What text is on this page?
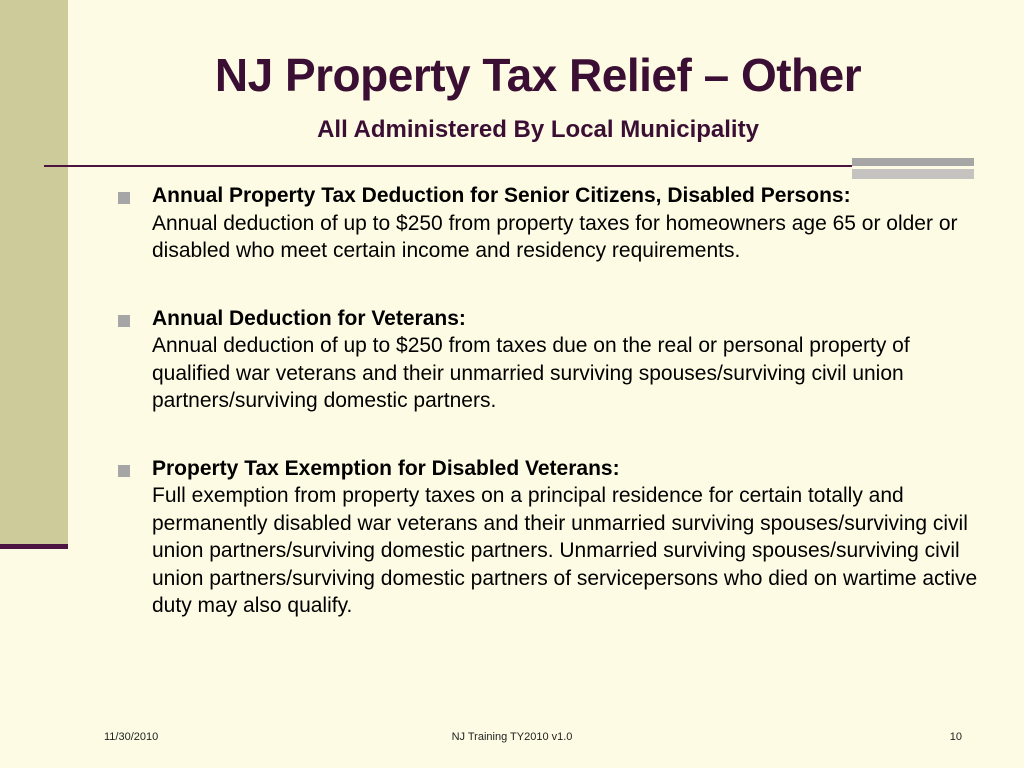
NJ Property Tax Relief – Other
All Administered By Local Municipality
Annual Property Tax Deduction for Senior Citizens, Disabled Persons:
Annual deduction of up to $250 from property taxes for homeowners age 65 or older or disabled who meet certain income and residency requirements.
Annual Deduction for Veterans:
Annual deduction of up to $250 from taxes due on the real or personal property of qualified war veterans and their unmarried surviving spouses/surviving civil union partners/surviving domestic partners.
Property Tax Exemption for Disabled Veterans:
Full exemption from property taxes on a principal residence for certain totally and permanently disabled war veterans and their unmarried surviving spouses/surviving civil union partners/surviving domestic partners. Unmarried surviving spouses/surviving civil union partners/surviving domestic partners of servicepersons who died on wartime active duty may also qualify.
11/30/2010	NJ Training TY2010 v1.0	10
